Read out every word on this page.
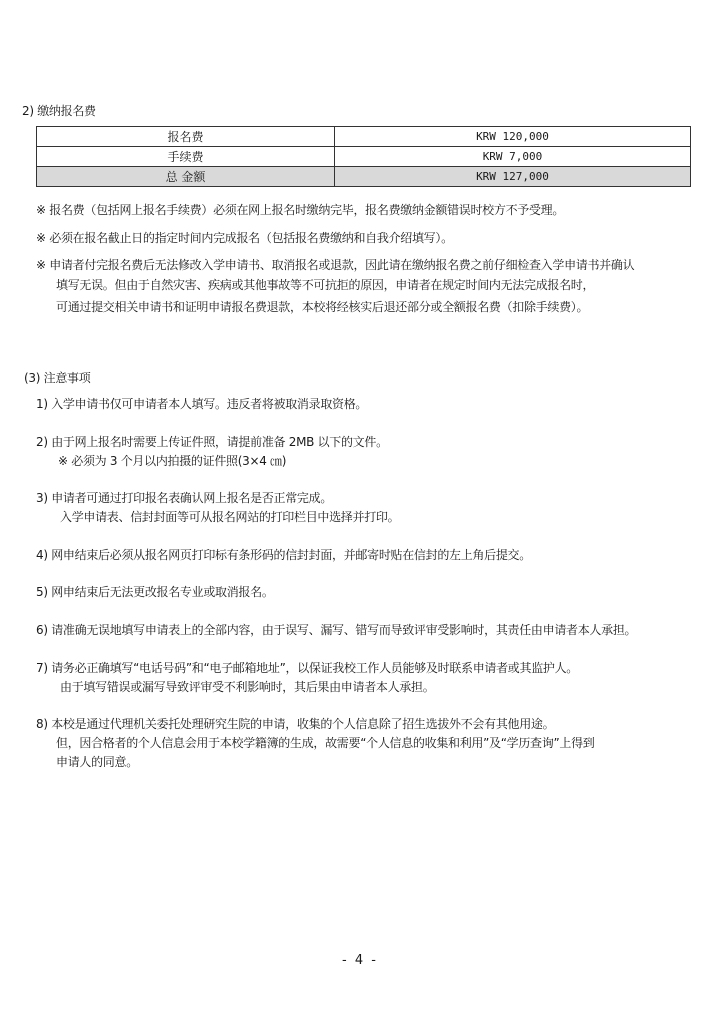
2) 缴纳报名费
报名费	KRW 120,000
手续费	KRW 7,000
总 金额	KRW 127,000
※ 报名费（包括网上报名手续费）必须在网上报名时缴纳完毕，报名费缴纳金额错误时校方不予受理。
※ 必须在报名截止日的指定时间内完成报名（包括报名费缴纳和自我介绍填写）。
※ 申请者付完报名费后无法修改入学申请书、取消报名或退款，因此请在缴纳报名费之前仔细检查入学申请书并确认
填写无误。但由于自然灾害、疾病或其他事故等不可抗拒的原因，申请者在规定时间内无法完成报名时，
可通过提交相关申请书和证明申请报名费退款，本校将经核实后退还部分或全额报名费（扣除手续费）。
(3) 注意事项
1) 入学申请书仅可申请者本人填写。违反者将被取消录取资格。
2) 由于网上报名时需要上传证件照，请提前准备 2MB 以下的文件。
※ 必须为 3 个月以内拍摄的证件照(3×4 ㎝)
3) 申请者可通过打印报名表确认网上报名是否正常完成。
入学申请表、信封封面等可从报名网站的打印栏目中选择并打印。
4) 网申结束后必须从报名网页打印标有条形码的信封封面，并邮寄时贴在信封的左上角后提交。
5) 网申结束后无法更改报名专业或取消报名。
6) 请准确无误地填写申请表上的全部内容，由于误写、漏写、错写而导致评审受影响时，其责任由申请者本人承担。
7) 请务必正确填写“电话号码”和“电子邮箱地址”，以保证我校工作人员能够及时联系申请者或其监护人。
由于填写错误或漏写导致评审受不利影响时，其后果由申请者本人承担。
8) 本校是通过代理机关委托处理研究生院的申请，收集的个人信息除了招生选拔外不会有其他用途。
但，因合格者的个人信息会用于本校学籍簿的生成，故需要“个人信息的收集和利用”及“学历查询”上得到
申请人的同意。
- 4 -
